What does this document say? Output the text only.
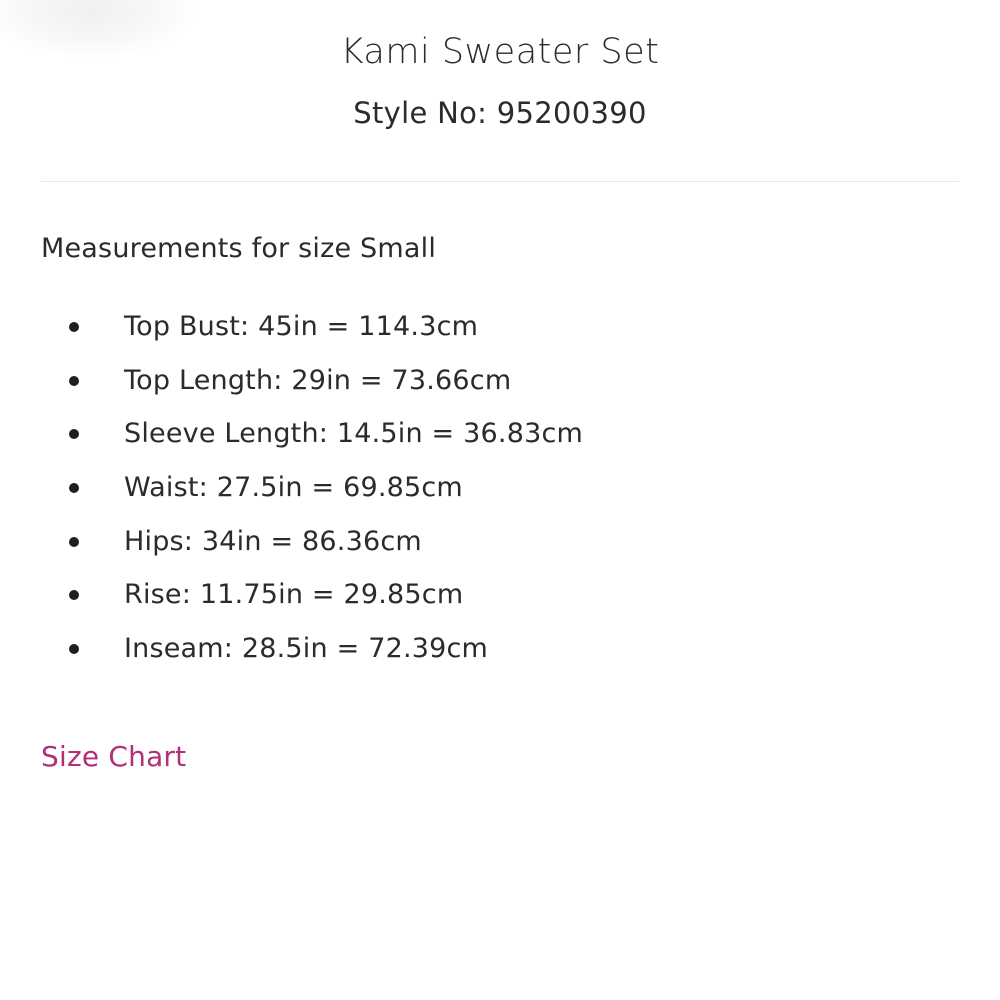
Kami Sweater Set
Style No: 95200390
Measurements for size Small
Top Bust: 45in = 114.3cm
Top Length: 29in = 73.66cm
Sleeve Length: 14.5in = 36.83cm
Waist: 27.5in = 69.85cm
Hips: 34in = 86.36cm
Rise: 11.75in = 29.85cm
Inseam: 28.5in = 72.39cm
Size Chart
